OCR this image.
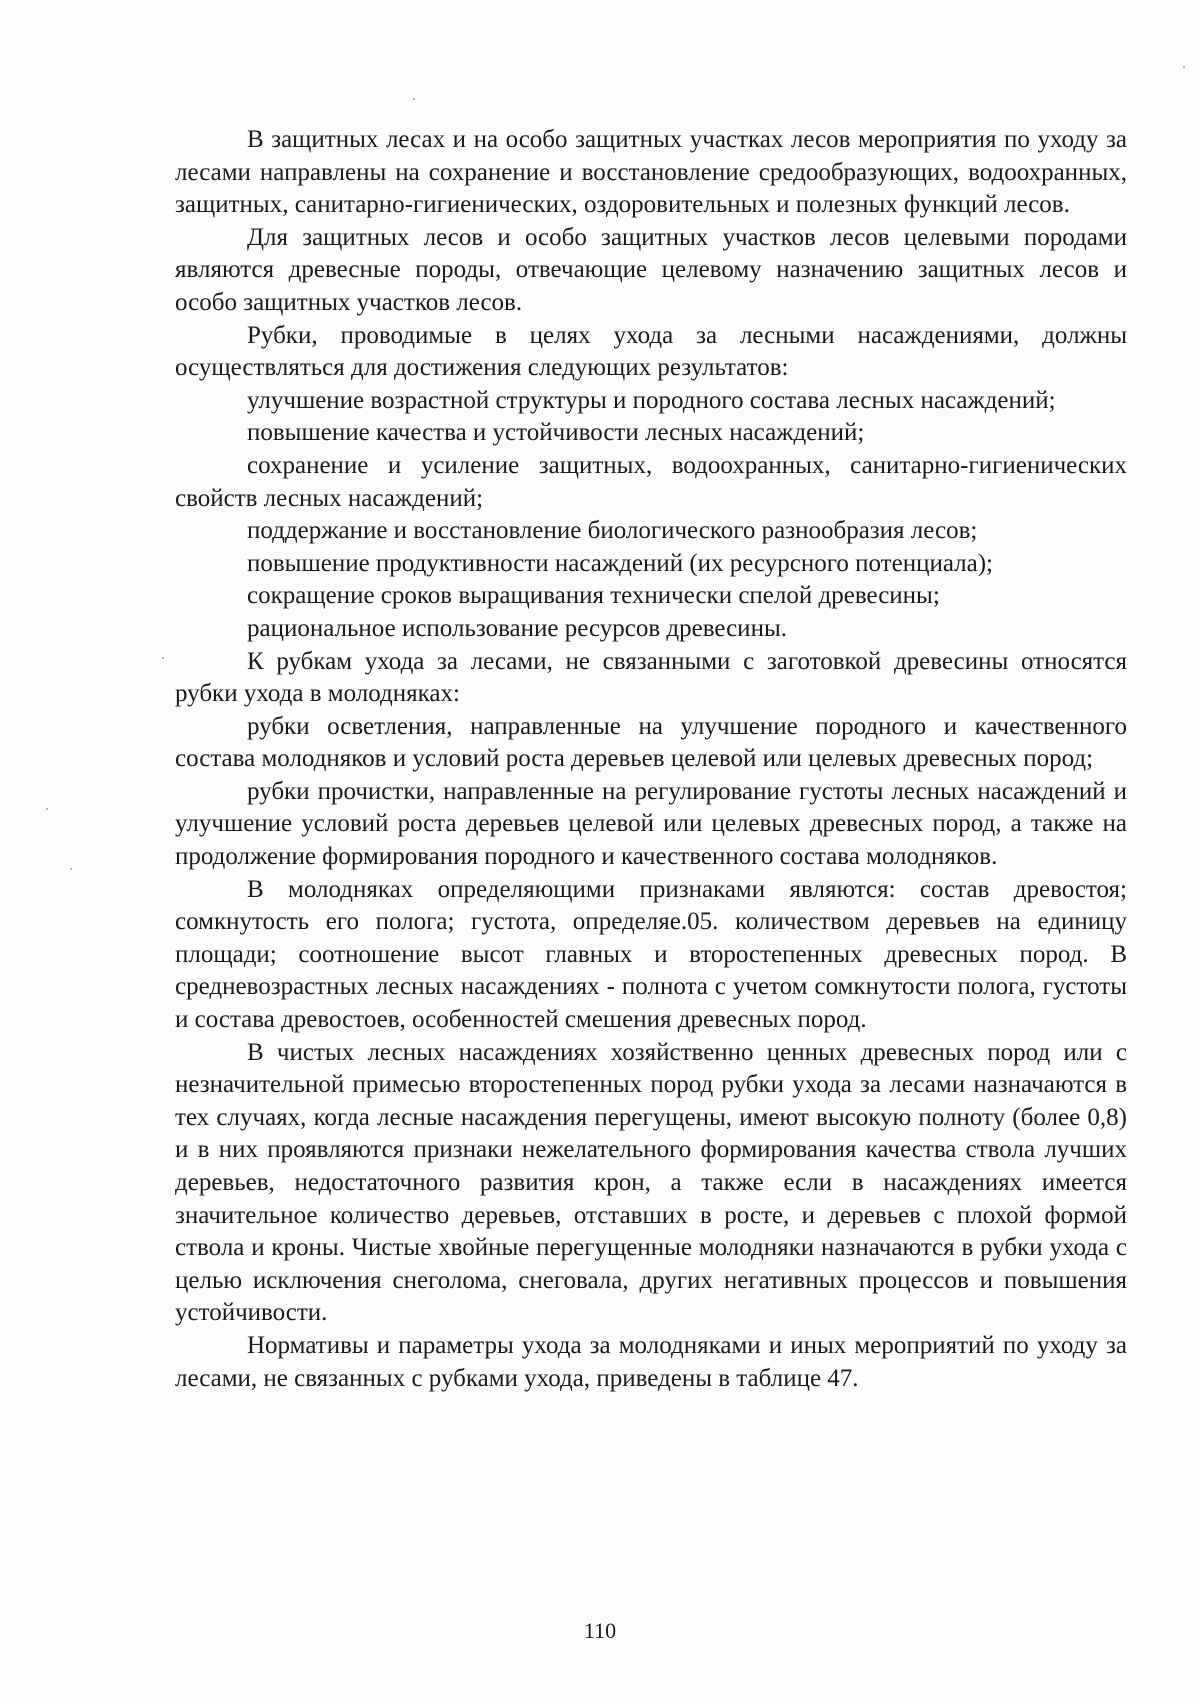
В защитных лесах и на особо защитных участках лесов мероприятия по уходу за лесами направлены на сохранение и восстановление средообразующих, водоохранных, защитных, санитарно-гигиенических, оздоровительных и полезных функций лесов.

Для защитных лесов и особо защитных участков лесов целевыми породами являются древесные породы, отвечающие целевому назначению защитных лесов и особо защитных участков лесов.

Рубки, проводимые в целях ухода за лесными насаждениями, должны осуществляться для достижения следующих результатов:

улучшение возрастной структуры и породного состава лесных насаждений;

повышение качества и устойчивости лесных насаждений;

сохранение и усиление защитных, водоохранных, санитарно-гигиенических свойств лесных насаждений;

поддержание и восстановление биологического разнообразия лесов;

повышение продуктивности насаждений (их ресурсного потенциала);

сокращение сроков выращивания технически спелой древесины;

рациональное использование ресурсов древесины.

К рубкам ухода за лесами, не связанными с заготовкой древесины относятся рубки ухода в молодняках:

рубки осветления, направленные на улучшение породного и качественного состава молодняков и условий роста деревьев целевой или целевых древесных пород;

рубки прочистки, направленные на регулирование густоты лесных насаждений и улучшение условий роста деревьев целевой или целевых древесных пород, а также на продолжение формирования породного и качественного состава молодняков.

В молодняках определяющими признаками являются: состав древостоя; сомкнутость его полога; густота, определяе.05. количеством деревьев на единицу площади; соотношение высот главных и второстепенных древесных пород. В средневозрастных лесных насаждениях - полнота с учетом сомкнутости полога, густоты и состава древостоев, особенностей смешения древесных пород.

В чистых лесных насаждениях хозяйственно ценных древесных пород или с незначительной примесью второстепенных пород рубки ухода за лесами назначаются в тех случаях, когда лесные насаждения перегущены, имеют высокую полноту (более 0,8) и в них проявляются признаки нежелательного формирования качества ствола лучших деревьев, недостаточного развития крон, а также если в насаждениях имеется значительное количество деревьев, отставших в росте, и деревьев с плохой формой ствола и кроны. Чистые хвойные перегущенные молодняки назначаются в рубки ухода с целью исключения снеголома, снеговала, других негативных процессов и повышения устойчивости.

Нормативы и параметры ухода за молодняками и иных мероприятий по уходу за лесами, не связанных с рубками ухода, приведены в таблице 47.

110
